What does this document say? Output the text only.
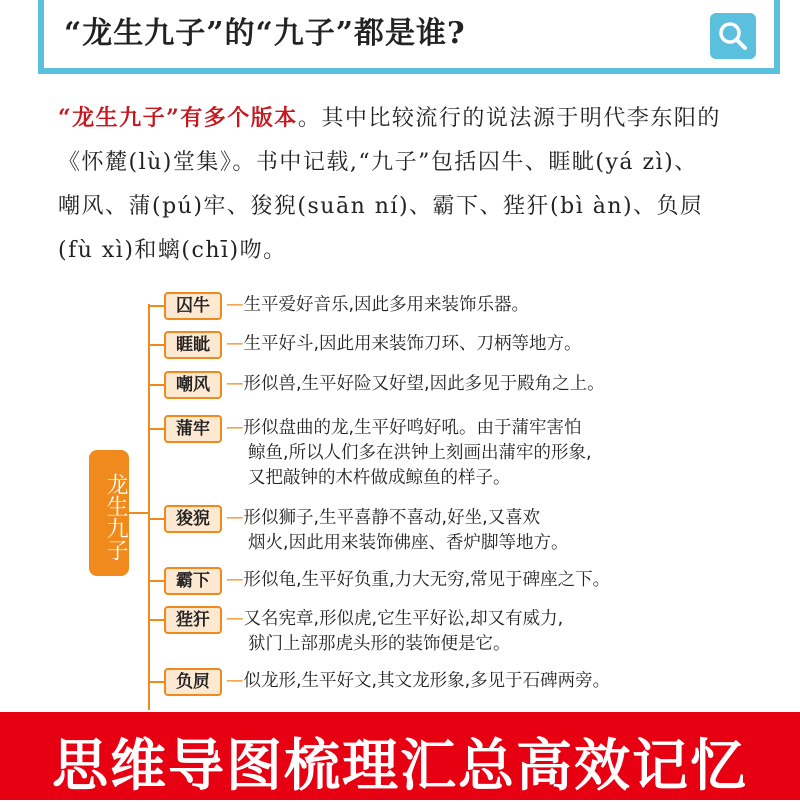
“龙生九子”的“九子”都是谁?
“龙生九子”有多个版本。其中比较流行的说法源于明代李东阳的
《怀麓(lù)堂集》。书中记载,“九子”包括囚牛、睚眦(yá zì)、
嘲风、蒲(pú)牢、狻猊(suān ní)、霸下、狴犴(bì àn)、负屃
(fù xì)和螭(chī)吻。
龙生九子
囚牛 —生平爱好音乐,因此多用来装饰乐器。
睚眦 —生平好斗,因此用来装饰刀环、刀柄等地方。
嘲风 —形似兽,生平好险又好望,因此多见于殿角之上。
蒲牢 —形似盘曲的龙,生平好鸣好吼。由于蒲牢害怕
鲸鱼,所以人们多在洪钟上刻画出蒲牢的形象,
又把敲钟的木杵做成鲸鱼的样子。
狻猊 —形似狮子,生平喜静不喜动,好坐,又喜欢
烟火,因此用来装饰佛座、香炉脚等地方。
霸下 —形似龟,生平好负重,力大无穷,常见于碑座之下。
狴犴 —又名宪章,形似虎,它生平好讼,却又有威力,
狱门上部那虎头形的装饰便是它。
负屃 —似龙形,生平好文,其文龙形象,多见于石碑两旁。
思维导图梳理汇总高效记忆
